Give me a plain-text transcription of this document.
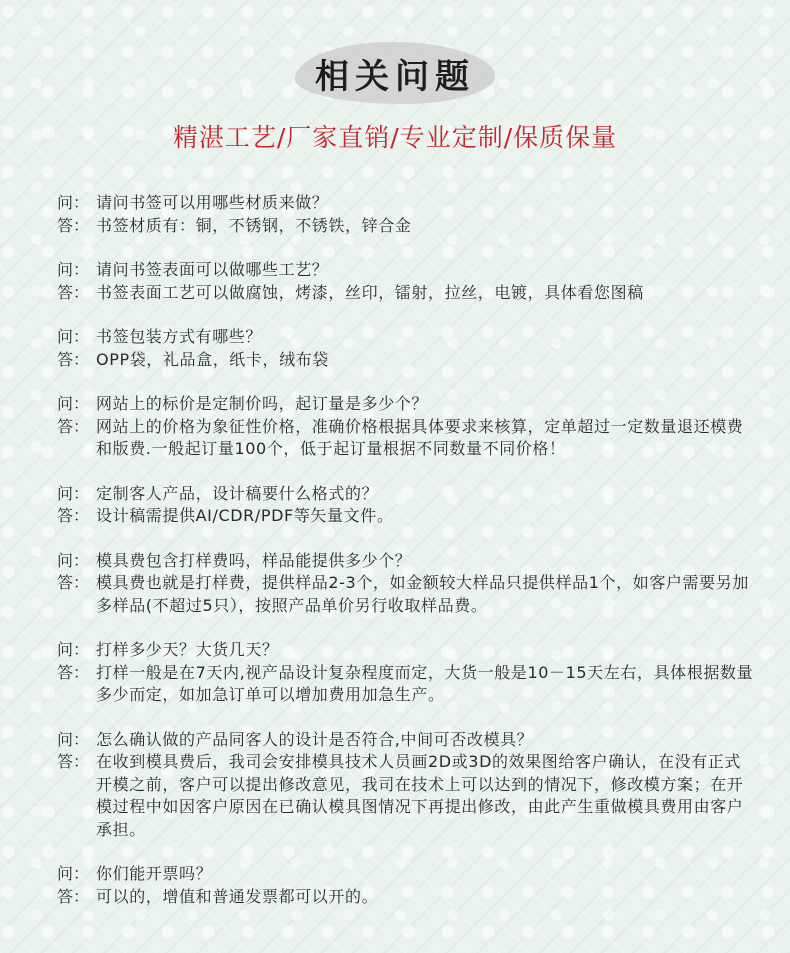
相关问题
精湛工艺/厂家直销/专业定制/保质保量
问： 请问书签可以用哪些材质来做？
答： 书签材质有：铜，不锈钢，不锈铁，锌合金
问： 请问书签表面可以做哪些工艺？
答： 书签表面工艺可以做腐蚀，烤漆，丝印，镭射，拉丝，电镀，具体看您图稿
问： 书签包装方式有哪些？
答： OPP袋，礼品盒，纸卡，绒布袋
问： 网站上的标价是定制价吗，起订量是多少个？
答： 网站上的价格为象征性价格，准确价格根据具体要求来核算，定单超过一定数量退还模费和版费.一般起订量100个，低于起订量根据不同数量不同价格！
问： 定制客人产品，设计稿要什么格式的？
答： 设计稿需提供AI/CDR/PDF等矢量文件。
问： 模具费包含打样费吗，样品能提供多少个？
答： 模具费也就是打样费，提供样品2-3个，如金额较大样品只提供样品1个，如客户需要另加多样品(不超过5只），按照产品单价另行收取样品费。
问： 打样多少天？大货几天？
答： 打样一般是在7天内,视产品设计复杂程度而定，大货一般是10－15天左右，具体根据数量多少而定，如加急订单可以增加费用加急生产。
问： 怎么确认做的产品同客人的设计是否符合,中间可否改模具？
答： 在收到模具费后，我司会安排模具技术人员画2D或3D的效果图给客户确认，在没有正式开模之前，客户可以提出修改意见，我司在技术上可以达到的情况下，修改模方案；在开模过程中如因客户原因在已确认模具图情况下再提出修改，由此产生重做模具费用由客户承担。
问： 你们能开票吗？
答： 可以的，增值和普通发票都可以开的。
